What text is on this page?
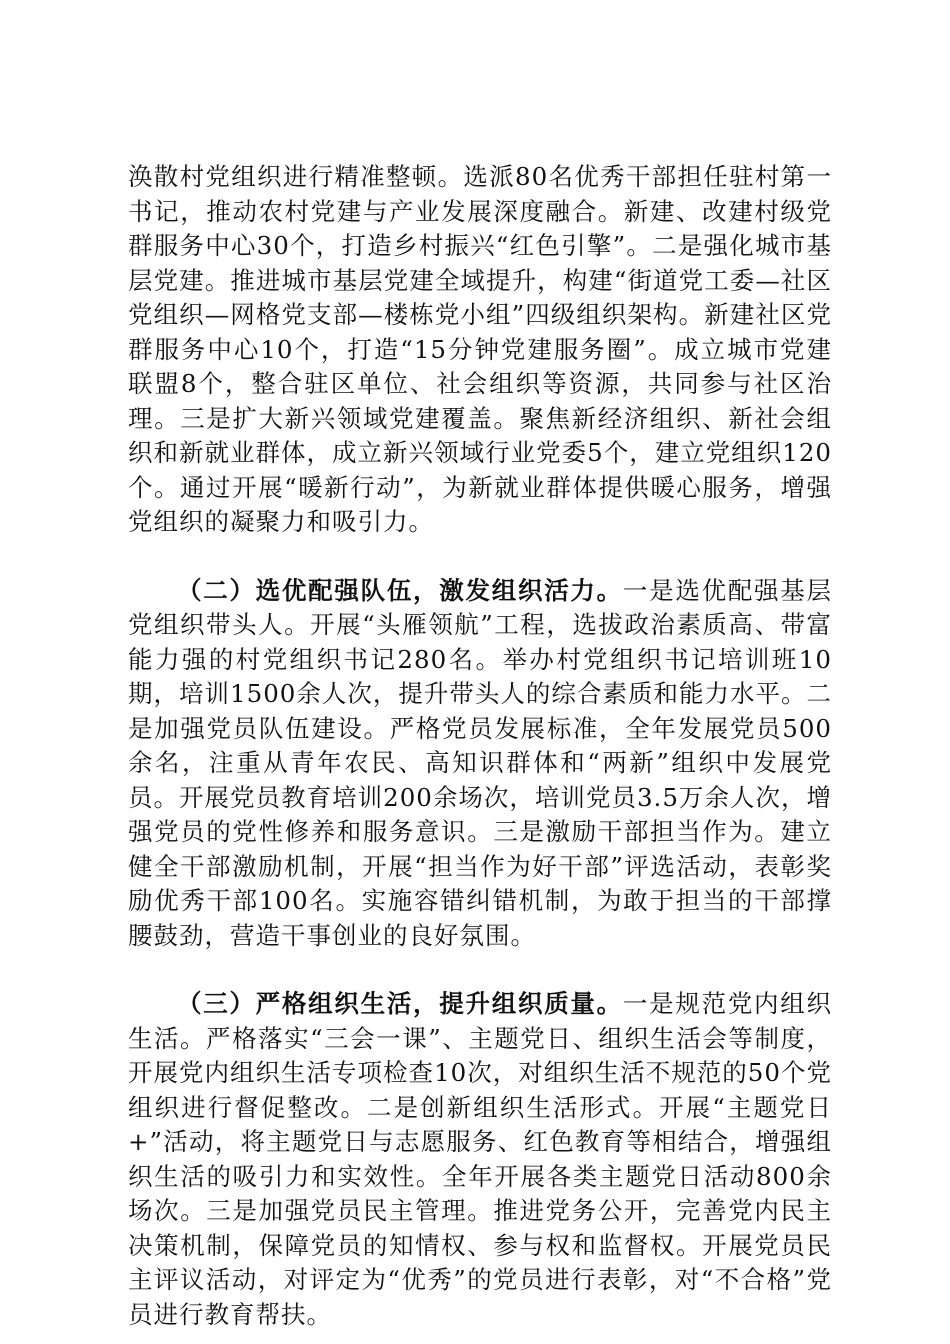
涣散村党组织进行精准整顿。选派80名优秀干部担任驻村第一书记，推动农村党建与产业发展深度融合。新建、改建村级党群服务中心30个，打造乡村振兴“红色引擎”。二是强化城市基层党建。推进城市基层党建全域提升，构建“街道党工委—社区党组织—网格党支部—楼栋党小组”四级组织架构。新建社区党群服务中心10个，打造“15分钟党建服务圈”。成立城市党建联盟8个，整合驻区单位、社会组织等资源，共同参与社区治理。三是扩大新兴领域党建覆盖。聚焦新经济组织、新社会组织和新就业群体，成立新兴领域行业党委5个，建立党组织120个。通过开展“暖新行动”，为新就业群体提供暖心服务，增强党组织的凝聚力和吸引力。

（二）选优配强队伍，激发组织活力。一是选优配强基层党组织带头人。开展“头雁领航”工程，选拔政治素质高、带富能力强的村党组织书记280名。举办村党组织书记培训班10期，培训1500余人次，提升带头人的综合素质和能力水平。二是加强党员队伍建设。严格党员发展标准，全年发展党员500余名，注重从青年农民、高知识群体和“两新”组织中发展党员。开展党员教育培训200余场次，培训党员3.5万余人次，增强党员的党性修养和服务意识。三是激励干部担当作为。建立健全干部激励机制，开展“担当作为好干部”评选活动，表彰奖励优秀干部100名。实施容错纠错机制，为敢于担当的干部撑腰鼓劲，营造干事创业的良好氛围。

（三）严格组织生活，提升组织质量。一是规范党内组织生活。严格落实“三会一课”、主题党日、组织生活会等制度，开展党内组织生活专项检查10次，对组织生活不规范的50个党组织进行督促整改。二是创新组织生活形式。开展“主题党日+”活动，将主题党日与志愿服务、红色教育等相结合，增强组织生活的吸引力和实效性。全年开展各类主题党日活动800余场次。三是加强党员民主管理。推进党务公开，完善党内民主决策机制，保障党员的知情权、参与权和监督权。开展党员民主评议活动，对评定为“优秀”的党员进行表彰，对“不合格”党员进行教育帮扶。
